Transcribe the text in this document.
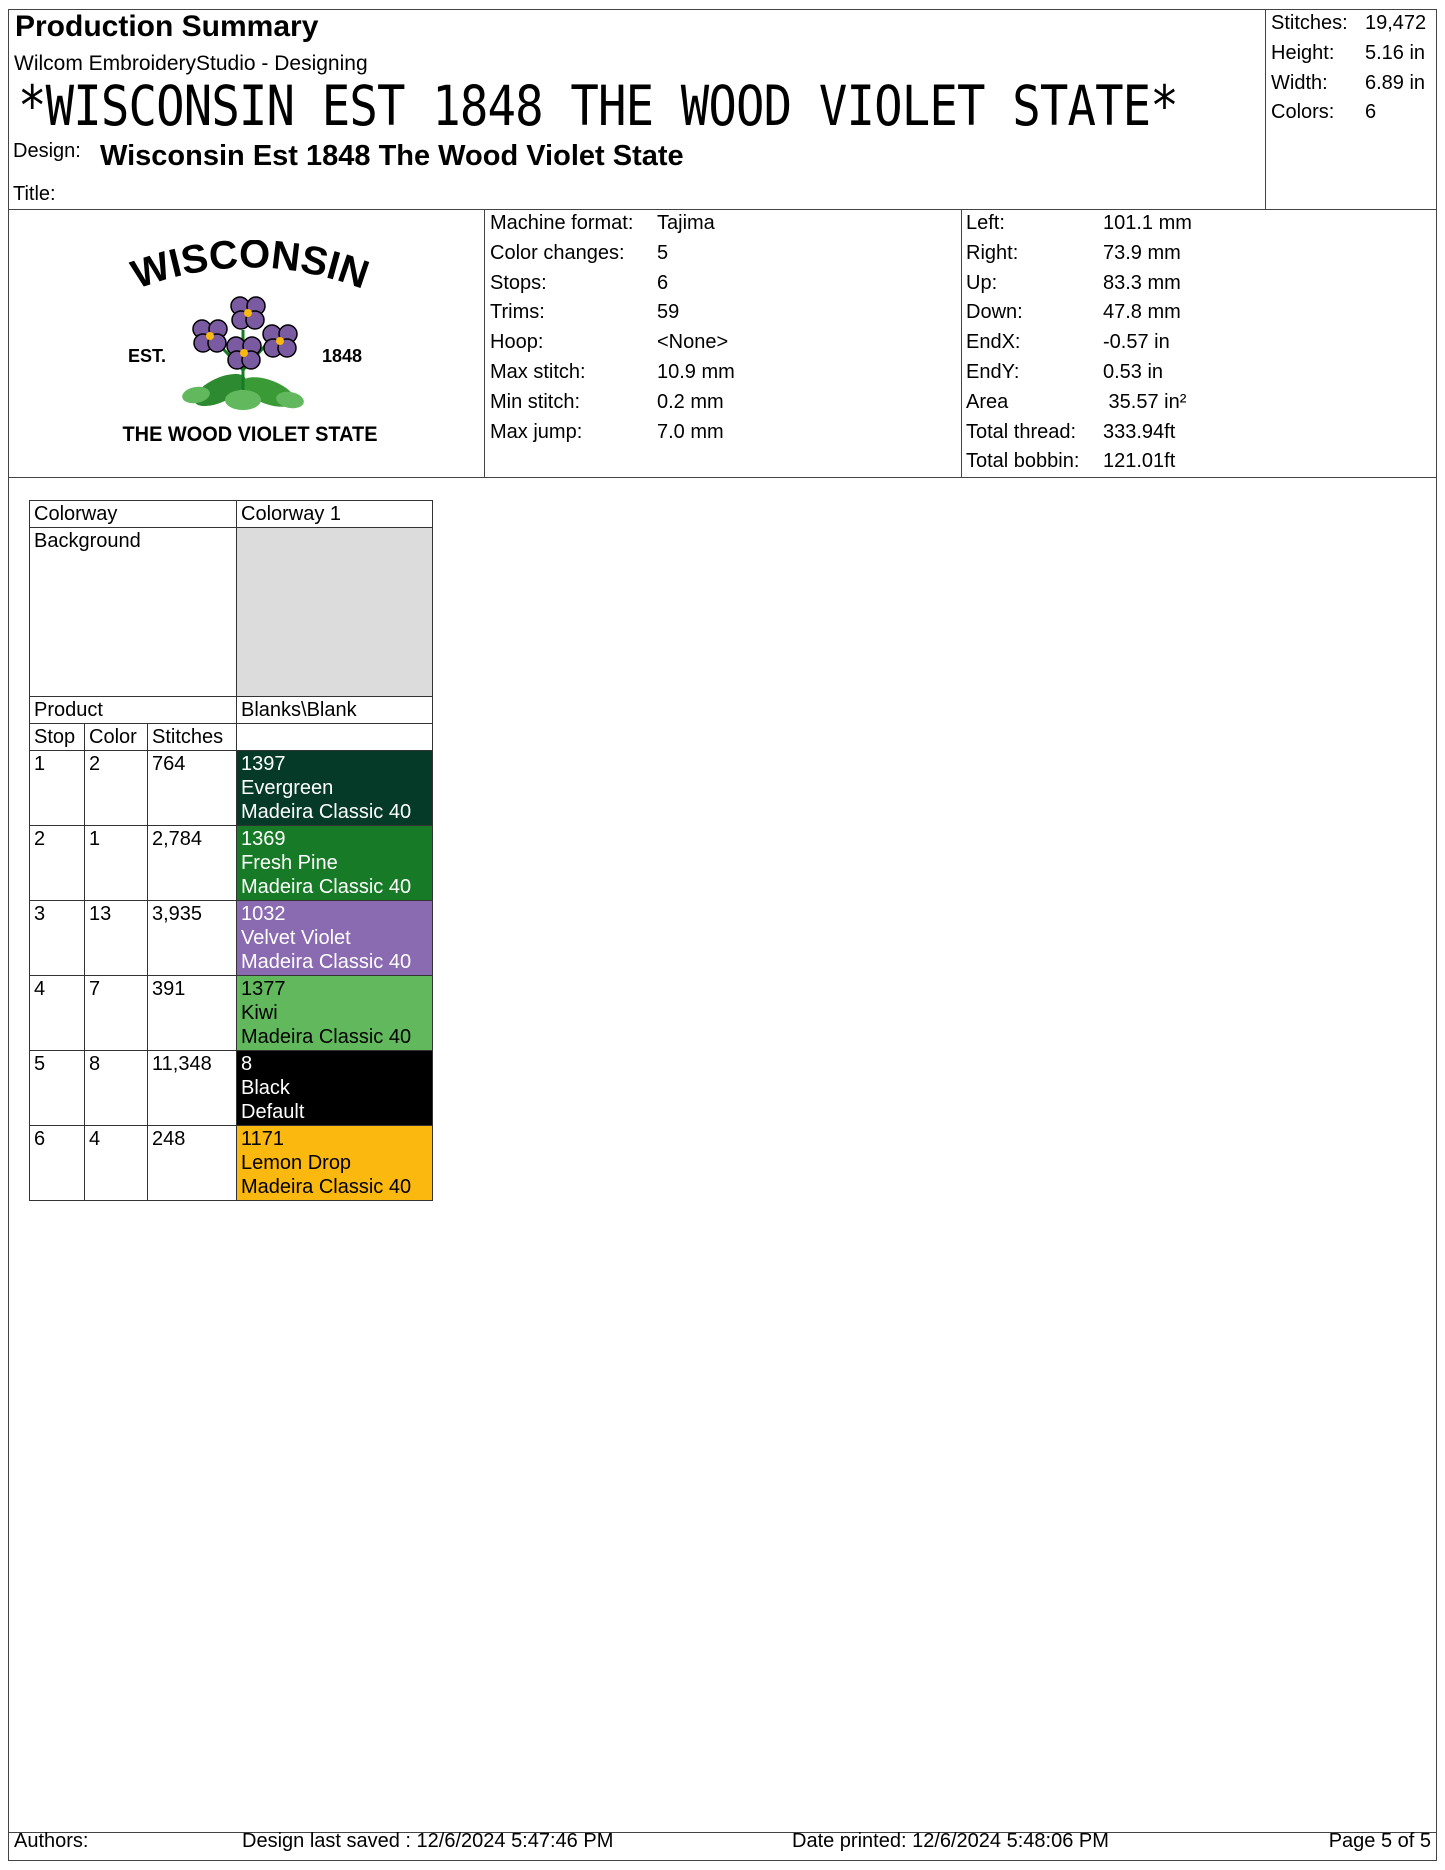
Production Summary
Wilcom EmbroideryStudio - Designing
*WISCONSIN EST 1848 THE WOOD VIOLET STATE*
Design: Wisconsin Est 1848 The Wood Violet State
Title:
Stitches: 19,472
Height:	5.16 in
Width:	6.89 in
Colors:	6
WISCONSIN
EST.	1848
THE WOOD VIOLET STATE
Machine format:	Tajima
Color changes:	5
Stops:	6
Trims:	59
Hoop:	<None>
Max stitch:	10.9 mm
Min stitch:	0.2 mm
Max jump:	7.0 mm
Left:	101.1 mm
Right:	73.9 mm
Up:	83.3 mm
Down:	47.8 mm
EndX:	-0.57 in
EndY:	0.53 in
Area	35.57 in²
Total thread:	333.94ft
Total bobbin:	121.01ft
Colorway			Colorway 1
Background			
Product			Blanks\Blank
Stop	Color	Stitches	
1	2	764	1397
Evergreen
Madeira Classic 40

2	1	2,784	1369
Fresh Pine
Madeira Classic 40

3	13	3,935	1032
Velvet Violet
Madeira Classic 40

4	7	391	1377
Kiwi
Madeira Classic 40

5	8	11,348	8
Black
Default

6	4	248	1171
Lemon Drop
Madeira Classic 40
Authors:	Design last saved : 12/6/2024 5:47:46 PM	Date printed: 12/6/2024 5:48:06 PM	Page 5 of 5
